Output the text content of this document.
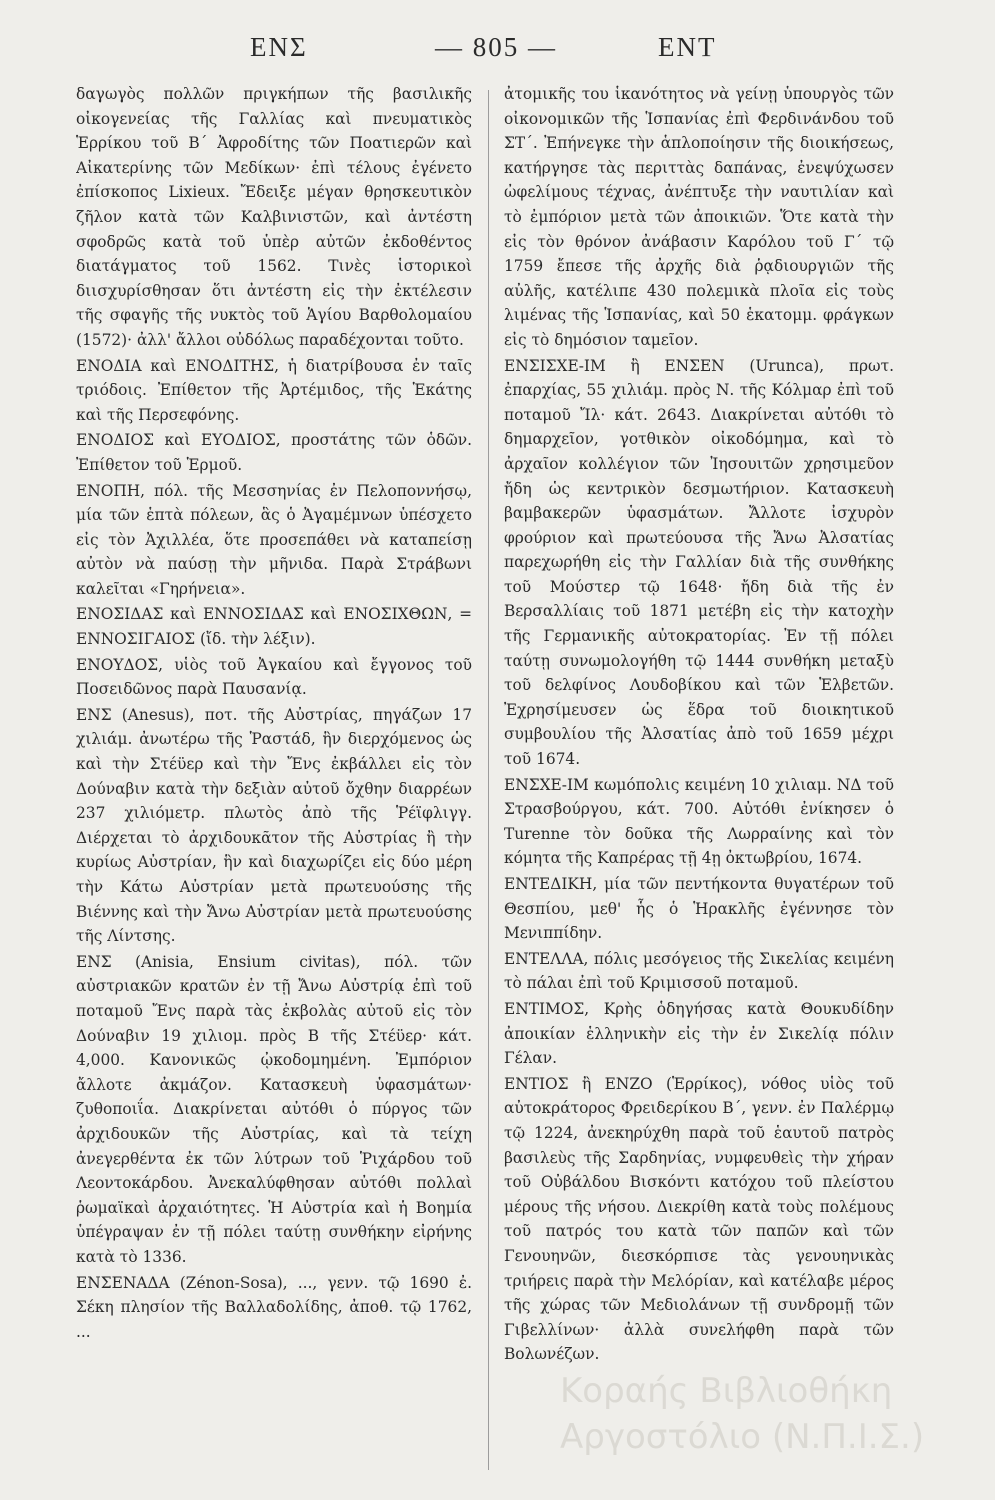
ΕΝΣ	— 805 —	ΕΝΤ

δαγωγὸς πολλῶν πριγκήπων τῆς βασιλικῆς οἰκογενείας τῆς Γαλλίας καὶ πνευματικὸς Ἑρρίκου τοῦ Β΄ Ἀφροδίτης τῶν Ποατιερῶν καὶ Αἰκατερίνης τῶν Μεδίκων· ἐπὶ τέλους ἐγένετο ἐπίσκοπος Lixieux. Ἔδειξε μέγαν θρησκευτικὸν ζῆλον κατὰ τῶν Καλβινιστῶν, καὶ ἀντέστη σφοδρῶς κατὰ τοῦ ὑπὲρ αὐτῶν ἐκδοθέντος διατάγματος τοῦ 1562. Τινὲς ἱστορικοὶ διισχυρίσθησαν ὅτι ἀντέστη εἰς τὴν ἐκτέλεσιν τῆς σφαγῆς τῆς νυκτὸς τοῦ Ἁγίου Βαρθολομαίου (1572)· ἀλλ' ἄλλοι οὐδόλως παραδέχονται τοῦτο.

ΕΝΟΔΙΑ καὶ ΕΝΟΔΙΤΗΣ, ἡ διατρίβουσα ἐν ταῖς τριόδοις. Ἐπίθετον τῆς Ἀρτέμιδος, τῆς Ἑκάτης καὶ τῆς Περσεφόνης.

ΕΝΟΔΙΟΣ καὶ ΕΥΟΔΙΟΣ, προστάτης τῶν ὁδῶν. Ἐπίθετον τοῦ Ἑρμοῦ.

ΕΝΟΠΗ, πόλ. τῆς Μεσσηνίας ἐν Πελοποννήσῳ, μία τῶν ἑπτὰ πόλεων, ἃς ὁ Ἀγαμέμνων ὑπέσχετο εἰς τὸν Ἀχιλλέα, ὅτε προσεπάθει νὰ καταπείσῃ αὐτὸν νὰ παύσῃ τὴν μῆνιδα. Παρὰ Στράβωνι καλεῖται «Γηρήνεια».

ΕΝΟΣΙΔΑΣ καὶ ΕΝΝΟΣΙΔΑΣ καὶ ΕΝΟΣΙΧΘΩΝ, = ΕΝΝΟΣΙΓΑΙΟΣ (ἴδ. τὴν λέξιν).

ΕΝΟΥΔΟΣ, υἱὸς τοῦ Ἀγκαίου καὶ ἔγγονος τοῦ Ποσειδῶνος παρὰ Παυσανίᾳ.

ΕΝΣ (Anesus), ποτ. τῆς Αὐστρίας, πηγάζων 17 χιλιάμ. ἀνωτέρω τῆς Ῥαστάδ, ἣν διερχόμενος ὡς καὶ τὴν Στέϋερ καὶ τὴν Ἔνς ἐκβάλλει εἰς τὸν Δούναβιν κατὰ τὴν δεξιὰν αὐτοῦ ὄχθην διαρρέων 237 χιλιόμετρ. πλωτὸς ἀπὸ τῆς Ῥέϊφλιγγ. Διέρχεται τὸ ἀρχιδουκᾶτον τῆς Αὐστρίας ἢ τὴν κυρίως Αὐστρίαν, ἣν καὶ διαχωρίζει εἰς δύο μέρη τὴν Κάτω Αὐστρίαν μετὰ πρωτευούσης τῆς Βιέννης καὶ τὴν Ἄνω Αὐστρίαν μετὰ πρωτευούσης τῆς Λίντσης.

ΕΝΣ (Anisia, Ensium civitas), πόλ. τῶν αὐστριακῶν κρατῶν ἐν τῇ Ἄνω Αὐστρίᾳ ἐπὶ τοῦ ποταμοῦ Ἔνς παρὰ τὰς ἐκβολὰς αὐτοῦ εἰς τὸν Δούναβιν 19 χιλιομ. πρὸς Β τῆς Στέϋερ· κάτ. 4,000. Κανονικῶς ᾠκοδομημένη. Ἐμπόριον ἄλλοτε ἀκμάζον. Κατασκευὴ ὑφασμάτων· ζυθοποιΐα. Διακρίνεται αὐτόθι ὁ πύργος τῶν ἀρχιδουκῶν τῆς Αὐστρίας, καὶ τὰ τείχη ἀνεγερθέντα ἐκ τῶν λύτρων τοῦ Ῥιχάρδου τοῦ Λεοντοκάρδου. Ἀνεκαλύφθησαν αὐτόθι πολλαὶ ῥωμαϊκαὶ ἀρχαιότητες. Ἡ Αὐστρία καὶ ἡ Βοημία ὑπέγραψαν ἐν τῇ πόλει ταύτῃ συνθήκην εἰρήνης κατὰ τὸ 1336.

ΕΝΣΕΝΑΔΑ (Zénon-Sosa), ..., γενν. τῷ 1690 ἐ. Σέκη πλησίον τῆς Βαλλαδολίδης, ἀποθ. τῷ 1762, ...

ἀτομικῆς του ἱκανότητος νὰ γείνῃ ὑπουργὸς τῶν οἰκονομικῶν τῆς Ἱσπανίας ἐπὶ Φερδινάνδου τοῦ ΣΤ΄. Ἐπήνεγκε τὴν ἁπλοποίησιν τῆς διοικήσεως, κατήργησε τὰς περιττὰς δαπάνας, ἐνεψύχωσεν ὠφελίμους τέχνας, ἀνέπτυξε τὴν ναυτιλίαν καὶ τὸ ἐμπόριον μετὰ τῶν ἀποικιῶν. Ὅτε κατὰ τὴν εἰς τὸν θρόνον ἀνάβασιν Καρόλου τοῦ Γ΄ τῷ 1759 ἔπεσε τῆς ἀρχῆς διὰ ῥᾳδιουργιῶν τῆς αὐλῆς, κατέλιπε 430 πολεμικὰ πλοῖα εἰς τοὺς λιμένας τῆς Ἱσπανίας, καὶ 50 ἑκατομμ. φράγκων εἰς τὸ δημόσιον ταμεῖον.

ΕΝΣΙΣΧΕ-ΙΜ ἢ ΕΝΣΕΝ (Urunca), πρωτ. ἐπαρχίας, 55 χιλιάμ. πρὸς Ν. τῆς Κόλμαρ ἐπὶ τοῦ ποταμοῦ Ἴλ· κάτ. 2643. Διακρίνεται αὐτόθι τὸ δημαρχεῖον, γοτθικὸν οἰκοδόμημα, καὶ τὸ ἀρχαῖον κολλέγιον τῶν Ἰησουιτῶν χρησιμεῦον ἤδη ὡς κεντρικὸν δεσμωτήριον. Κατασκευὴ βαμβακερῶν ὑφασμάτων. Ἄλλοτε ἰσχυρὸν φρούριον καὶ πρωτεύουσα τῆς Ἄνω Ἀλσατίας παρεχωρήθη εἰς τὴν Γαλλίαν διὰ τῆς συνθήκης τοῦ Μούστερ τῷ 1648· ἤδη διὰ τῆς ἐν Βερσαλλίαις τοῦ 1871 μετέβη εἰς τὴν κατοχὴν τῆς Γερμανικῆς αὐτοκρατορίας. Ἐν τῇ πόλει ταύτῃ συνωμολογήθη τῷ 1444 συνθήκη μεταξὺ τοῦ δελφίνος Λουδοβίκου καὶ τῶν Ἑλβετῶν. Ἐχρησίμευσεν ὡς ἕδρα τοῦ διοικητικοῦ συμβουλίου τῆς Ἀλσατίας ἀπὸ τοῦ 1659 μέχρι τοῦ 1674.

ΕΝΣΧΕ-ΙΜ κωμόπολις κειμένη 10 χιλιαμ. ΝΔ τοῦ Στρασβούργου, κάτ. 700. Αὐτόθι ἐνίκησεν ὁ Turenne τὸν δοῦκα τῆς Λωρραίνης καὶ τὸν κόμητα τῆς Καπρέρας τῇ 4ῃ ὀκτωβρίου, 1674.

ΕΝΤΕΔΙΚΗ, μία τῶν πεντήκοντα θυγατέρων τοῦ Θεσπίου, μεθ' ἧς ὁ Ἡρακλῆς ἐγέννησε τὸν Μενιππίδην.

ΕΝΤΕΛΛΑ, πόλις μεσόγειος τῆς Σικελίας κειμένη τὸ πάλαι ἐπὶ τοῦ Κριμισσοῦ ποταμοῦ.

ΕΝΤΙΜΟΣ, Κρὴς ὁδηγήσας κατὰ Θουκυδίδην ἀποικίαν ἑλληνικὴν εἰς τὴν ἐν Σικελίᾳ πόλιν Γέλαν.

ΕΝΤΙΟΣ ἢ ΕΝΖΟ (Ἑρρίκος), νόθος υἱὸς τοῦ αὐτοκράτορος Φρειδερίκου Β΄, γενν. ἐν Παλέρμῳ τῷ 1224, ἀνεκηρύχθη παρὰ τοῦ ἑαυτοῦ πατρὸς βασιλεὺς τῆς Σαρδηνίας, νυμφευθεὶς τὴν χήραν τοῦ Οὐβάλδου Βισκόντι κατόχου τοῦ πλείστου μέρους τῆς νήσου. Διεκρίθη κατὰ τοὺς πολέμους τοῦ πατρός του κατὰ τῶν παπῶν καὶ τῶν Γενουηνῶν, διεσκόρπισε τὰς γενουηνικὰς τριήρεις παρὰ τὴν Μελόρίαν, καὶ κατέλαβε μέρος τῆς χώρας τῶν Μεδιολάνων τῇ συνδρομῇ τῶν Γιβελλίνων· ἀλλὰ συνελήφθη παρὰ τῶν Βολωνέζων.

Κοραής Βιβλιοθήκη Αργοστόλιο (Ν.Π.Ι.Σ.)
